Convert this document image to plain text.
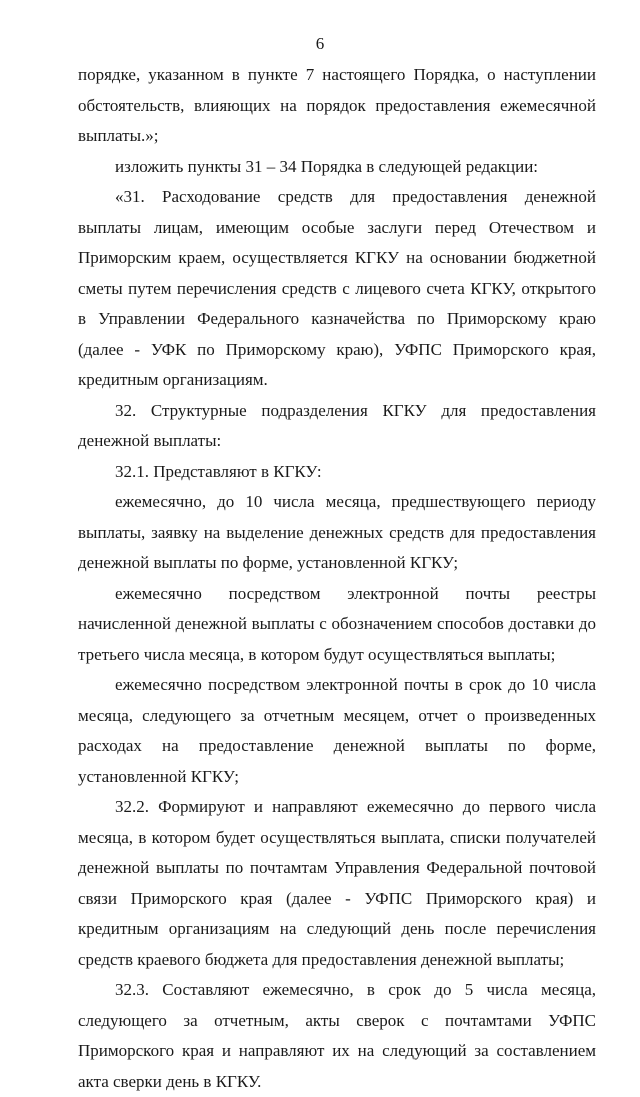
6

порядке, указанном в пункте 7 настоящего Порядка, о наступлении обстоятельств, влияющих на порядок предоставления ежемесячной выплаты.»;

изложить пункты 31 – 34 Порядка в следующей редакции:

«31. Расходование средств для предоставления денежной выплаты лицам, имеющим особые заслуги перед Отечеством и Приморским краем, осуществляется КГКУ на основании бюджетной сметы путем перечисления средств с лицевого счета КГКУ, открытого в Управлении Федерального казначейства по Приморскому краю (далее - УФК по Приморскому краю), УФПС Приморского края, кредитным организациям.

32. Структурные подразделения КГКУ для предоставления денежной выплаты:

32.1. Представляют в КГКУ:

ежемесячно, до 10 числа месяца, предшествующего периоду выплаты, заявку на выделение денежных средств для предоставления денежной выплаты по форме, установленной КГКУ;

ежемесячно посредством электронной почты реестры начисленной денежной выплаты с обозначением способов доставки до третьего числа месяца, в котором будут осуществляться выплаты;

ежемесячно посредством электронной почты в срок до 10 числа месяца, следующего за отчетным месяцем, отчет о произведенных расходах на предоставление денежной выплаты по форме, установленной КГКУ;

32.2. Формируют и направляют ежемесячно до первого числа месяца, в котором будет осуществляться выплата, списки получателей денежной выплаты по почтамтам Управления Федеральной почтовой связи Приморского края (далее - УФПС Приморского края) и кредитным организациям на следующий день после перечисления средств краевого бюджета для предоставления денежной выплаты;

32.3. Составляют ежемесячно, в срок до 5 числа месяца, следующего за отчетным, акты сверок с почтамтами УФПС Приморского края и направляют их на следующий за составлением акта сверки день в КГКУ.
